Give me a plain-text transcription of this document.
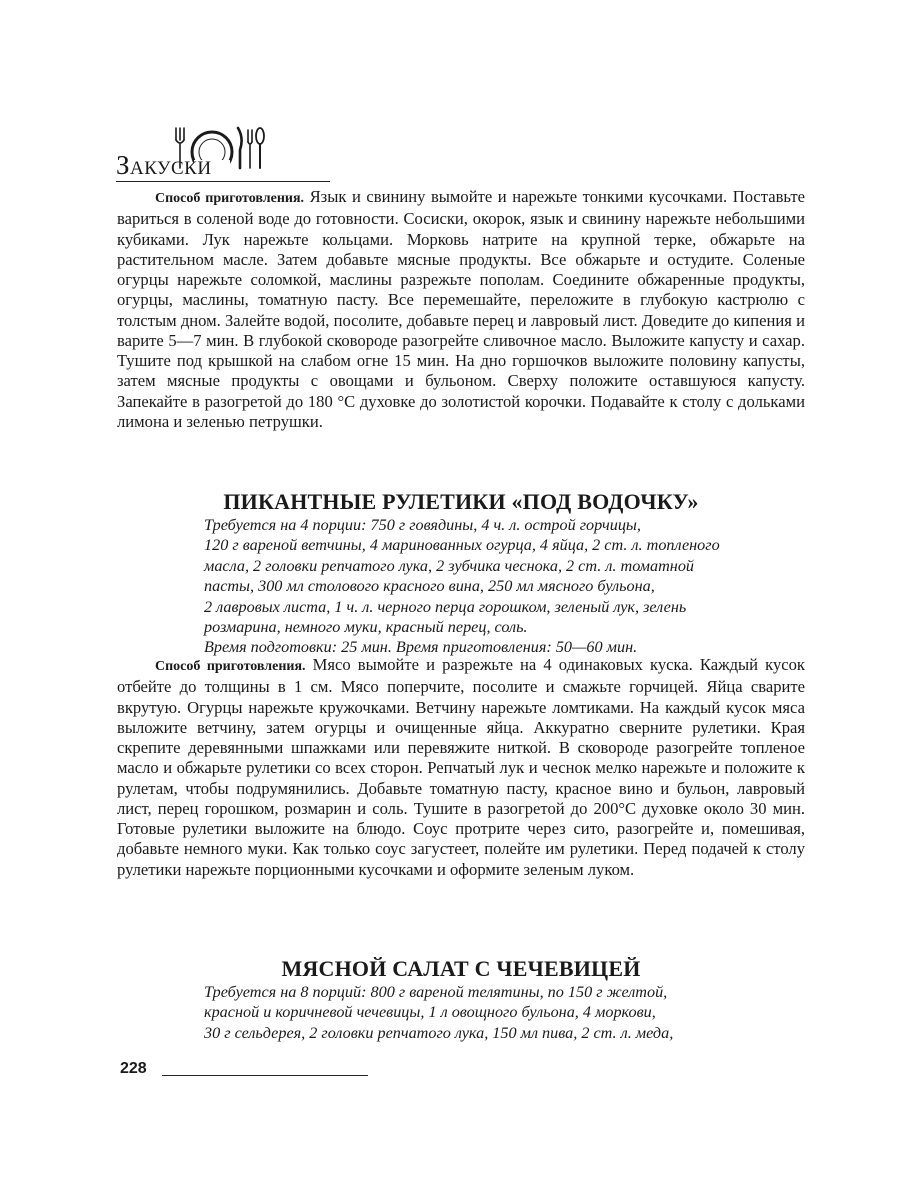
Закуски
Способ приготовления. Язык и свинину вымойте и нарежьте тонкими кусочками. Поставьте вариться в соленой воде до готовности. Сосиски, окорок, язык и свинину нарежьте небольшими кубиками. Лук нарежьте кольцами. Морковь натрите на крупной терке, обжарьте на растительном масле. Затем добавьте мясные продукты. Все обжарьте и остудите. Соленые огурцы нарежьте соломкой, маслины разрежьте пополам. Соедините обжаренные продукты, огурцы, маслины, томатную пасту. Все перемешайте, переложите в глубокую кастрюлю с толстым дном. Залейте водой, посолите, добавьте перец и лавровый лист. Доведите до кипения и варите 5—7 мин. В глубокой сковороде разогрейте сливочное масло. Выложите капусту и сахар. Тушите под крышкой на слабом огне 15 мин. На дно горшочков выложите половину капусты, затем мясные продукты с овощами и бульоном. Сверху положите оставшуюся капусту. Запекайте в разогретой до 180 °С духовке до золотистой корочки. Подавайте к столу с дольками лимона и зеленью петрушки.
ПИКАНТНЫЕ РУЛЕТИКИ «ПОД ВОДОЧКУ»
Требуется на 4 порции: 750 г говядины, 4 ч. л. острой горчицы,
120 г вареной ветчины, 4 маринованных огурца, 4 яйца, 2 ст. л. топленого
масла, 2 головки репчатого лука, 2 зубчика чеснока, 2 ст. л. томатной
пасты, 300 мл столового красного вина, 250 мл мясного бульона,
2 лавровых листа, 1 ч. л. черного перца горошком, зеленый лук, зелень
розмарина, немного муки, красный перец, соль.
Время подготовки: 25 мин. Время приготовления: 50—60 мин.
Способ приготовления. Мясо вымойте и разрежьте на 4 одинаковых куска. Каждый кусок отбейте до толщины в 1 см. Мясо поперчите, посолите и смажьте горчицей. Яйца сварите вкрутую. Огурцы нарежьте кружочками. Ветчину нарежьте ломтиками. На каждый кусок мяса выложите ветчину, затем огурцы и очищенные яйца. Аккуратно сверните рулетики. Края скрепите деревянными шпажками или перевяжите ниткой. В сковороде разогрейте топленое масло и обжарьте рулетики со всех сторон. Репчатый лук и чеснок мелко нарежьте и положите к рулетам, чтобы подрумянились. Добавьте томатную пасту, красное вино и бульон, лавровый лист, перец горошком, розмарин и соль. Тушите в разогретой до 200°С духовке около 30 мин. Готовые рулетики выложите на блюдо. Соус протрите через сито, разогрейте и, помешивая, добавьте немного муки. Как только соус загустеет, полейте им рулетики. Перед подачей к столу рулетики нарежьте порционными кусочками и оформите зеленым луком.
МЯСНОЙ САЛАТ С ЧЕЧЕВИЦЕЙ
Требуется на 8 порций: 800 г вареной телятины, по 150 г желтой,
красной и коричневой чечевицы, 1 л овощного бульона, 4 моркови,
30 г сельдерея, 2 головки репчатого лука, 150 мл пива, 2 ст. л. меда,
228
